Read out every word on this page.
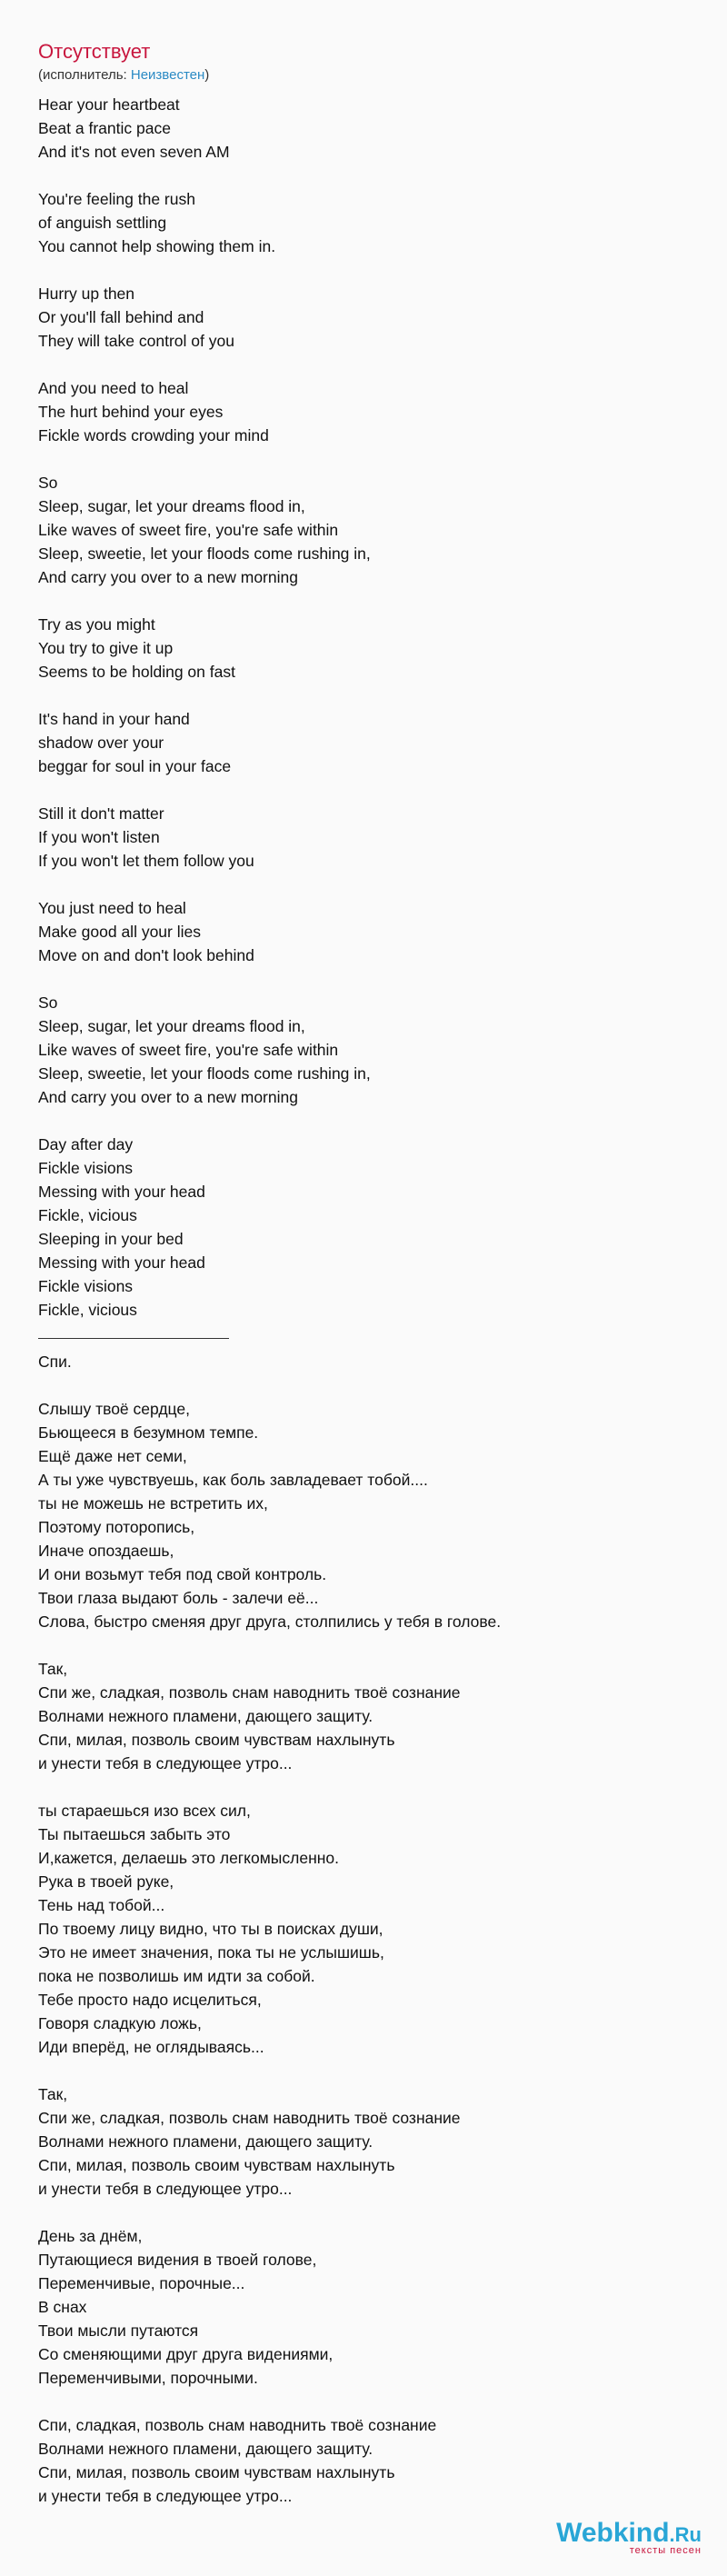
Отсутствует
(исполнитель: Неизвестен)
Hear your heartbeat
Beat a frantic pace
And it's not even seven AM
You're feeling the rush
of anguish settling
You cannot help showing them in.
Hurry up then
Or you'll fall behind and
They will take control of you
And you need to heal
The hurt behind your eyes
Fickle words crowding your mind
So
Sleep, sugar, let your dreams flood in,
Like waves of sweet fire, you're safe within
Sleep, sweetie, let your floods come rushing in,
And carry you over to a new morning
Try as you might
You try to give it up
Seems to be holding on fast
It's hand in your hand
shadow over your
beggar for soul in your face
Still it don't matter
If you won't listen
If you won't let them follow you
You just need to heal
Make good all your lies
Move on and don't look behind
So
Sleep, sugar, let your dreams flood in,
Like waves of sweet fire, you're safe within
Sleep, sweetie, let your floods come rushing in,
And carry you over to a new morning
Day after day
Fickle visions
Messing with your head
Fickle, vicious
Sleeping in your bed
Messing with your head
Fickle visions
Fickle, vicious
Спи.
Слышу твоё сердце,
Бьющееся в безумном темпе.
Ещё даже нет семи,
А ты уже чувствуешь, как боль завладевает тобой....
ты не можешь не встретить их,
Поэтому поторопись,
Иначе опоздаешь,
И они возьмут тебя под свой контроль.
Твои глаза выдают боль - залечи её...
Слова, быстро сменяя друг друга, столпились у тебя в голове.
Так,
Спи же, сладкая, позволь снам наводнить твоё сознание
Волнами нежного пламени, дающего защиту.
Спи, милая, позволь своим чувствам нахлынуть
и унести тебя в следующее утро...
ты стараешься изо всех сил,
Ты пытаешься забыть это
И,кажется, делаешь это легкомысленно.
Рука в твоей руке,
Тень над тобой...
По твоему лицу видно, что ты в поисках души,
Это не имеет значения, пока ты не услышишь,
пока не позволишь им идти за собой.
Тебе просто надо исцелиться,
Говоря сладкую ложь,
Иди вперёд, не оглядываясь...
Так,
Спи же, сладкая, позволь снам наводнить твоё сознание
Волнами нежного пламени, дающего защиту.
Спи, милая, позволь своим чувствам нахлынуть
и унести тебя в следующее утро...
День за днём,
Путающиеся видения в твоей голове,
Переменчивые, порочные...
В снах
Твои мысли путаются
Со сменяющими друг друга видениями,
Переменчивыми, порочными.
Спи, сладкая, позволь снам наводнить твоё сознание
Волнами нежного пламени, дающего защиту.
Спи, милая, позволь своим чувствам нахлынуть
и унести тебя в следующее утро...
Webkind.Ru
тексты песен
